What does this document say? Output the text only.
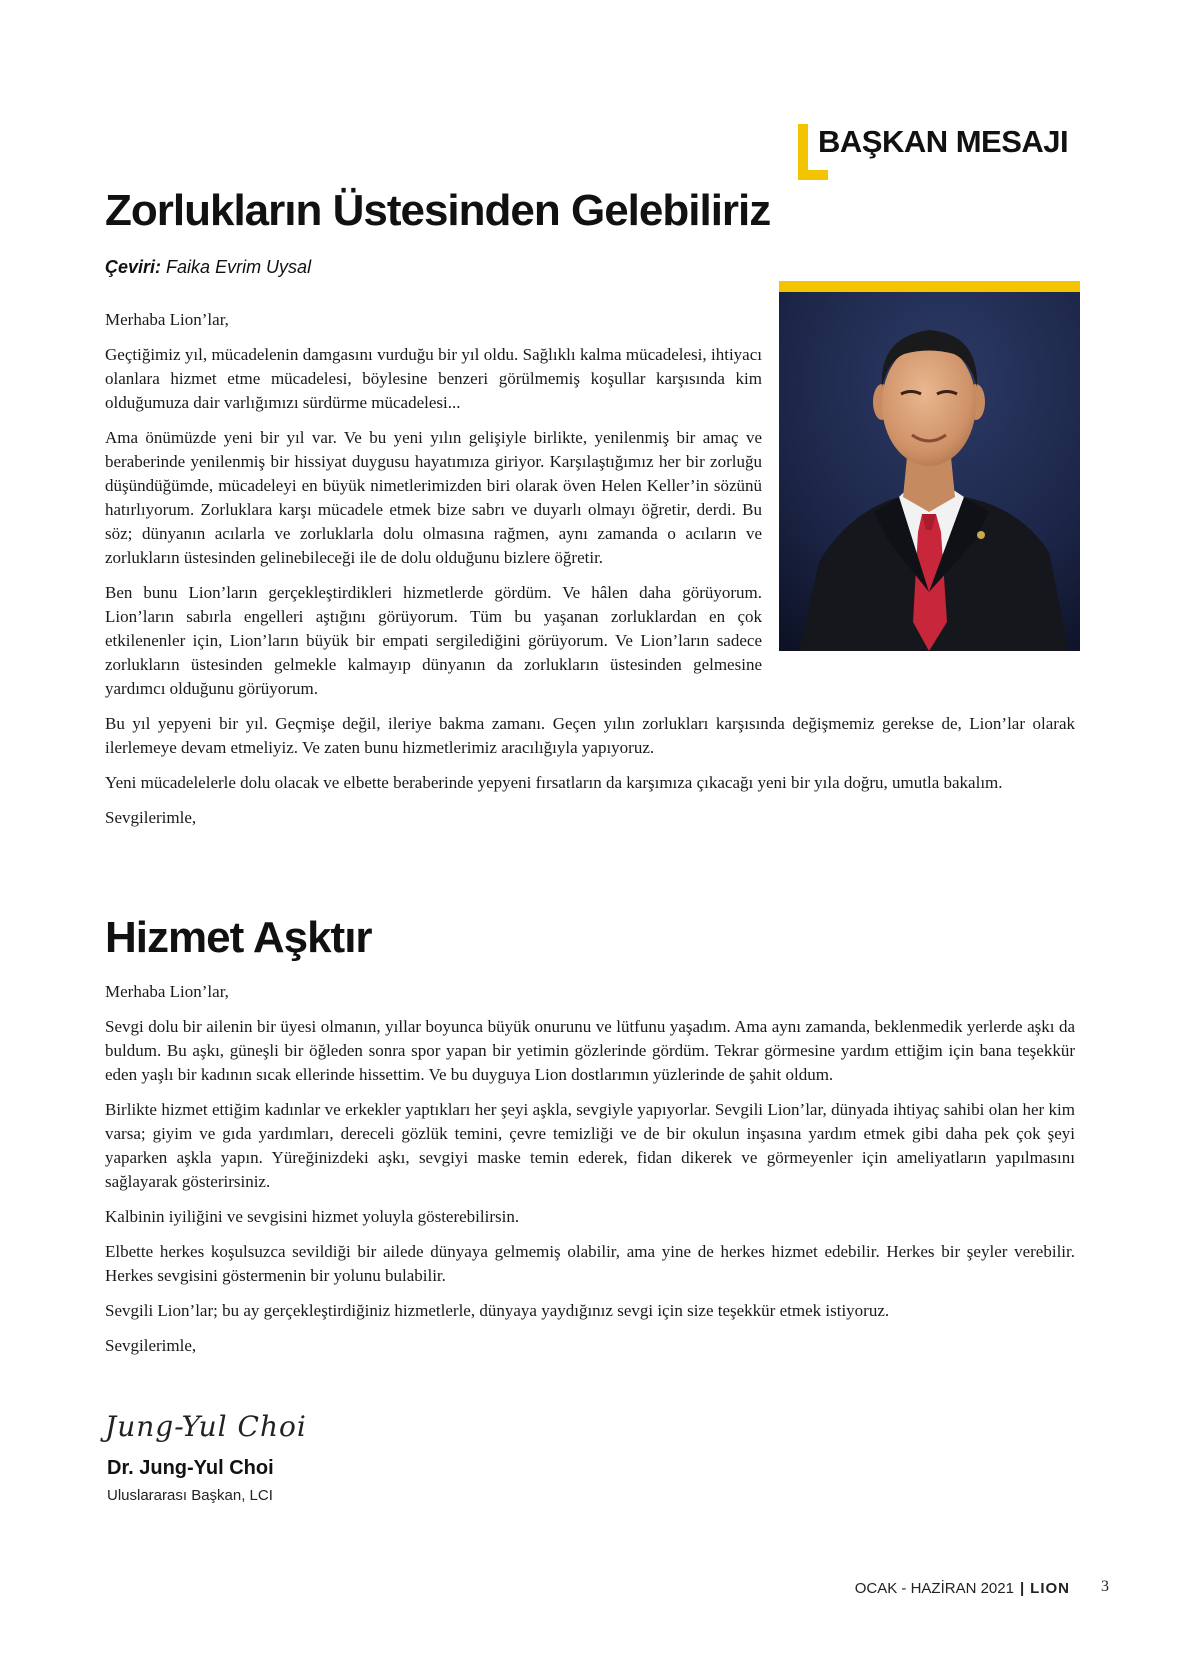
BAŞKAN MESAJI
Zorlukların Üstesinden Gelebiliriz
Çeviri: Faika Evrim Uysal

Merhaba Lion’lar,

Geçtiğimiz yıl, mücadelenin damgasını vurduğu bir yıl oldu. Sağlıklı kalma mücadelesi, ihtiyacı olanlara hizmet etme mücadelesi, böylesine benzeri görülmemiş koşullar karşısında kim olduğumuza dair varlığımızı sürdürme mücadelesi...

Ama önümüzde yeni bir yıl var. Ve bu yeni yılın gelişiyle birlikte, yenilenmiş bir amaç ve beraberinde yenilenmiş bir hissiyat duygusu hayatımıza giriyor. Karşılaştığımız her bir zorluğu düşündüğümde, mücadeleyi en büyük nimetlerimizden biri olarak öven Helen Keller’in sözünü hatırlıyorum. Zorluklara karşı mücadele etmek bize sabrı ve duyarlı olmayı öğretir, derdi. Bu söz; dünyanın acılarla ve zorluklarla dolu olmasına rağmen, aynı zamanda o acıların ve zorlukların üstesinden gelinebileceği ile de dolu olduğunu bizlere öğretir.

Ben bunu Lion’ların gerçekleştirdikleri hizmetlerde gördüm. Ve hâlen daha görüyorum. Lion’ların sabırla engelleri aştığını görüyorum. Tüm bu yaşanan zorluklardan en çok etkilenenler için, Lion’ların büyük bir empati sergilediğini görüyorum. Ve Lion’ların sadece zorlukların üstesinden gelmekle kalmayıp dünyanın da zorlukların üstesinden gelmesine yardımcı olduğunu görüyorum.

Bu yıl yepyeni bir yıl. Geçmişe değil, ileriye bakma zamanı. Geçen yılın zorlukları karşısında değişmemiz gerekse de, Lion’lar olarak ilerlemeye devam etmeliyiz. Ve zaten bunu hizmetlerimiz aracılığıyla yapıyoruz.

Yeni mücadelelerle dolu olacak ve elbette beraberinde yepyeni fırsatların da karşımıza çıkacağı yeni bir yıla doğru, umutla bakalım.

Sevgilerimle,

Hizmet Aşktır

Merhaba Lion’lar,

Sevgi dolu bir ailenin bir üyesi olmanın, yıllar boyunca büyük onurunu ve lütfunu yaşadım. Ama aynı zamanda, beklenmedik yerlerde aşkı da buldum. Bu aşkı, güneşli bir öğleden sonra spor yapan bir yetimin gözlerinde gördüm. Tekrar görmesine yardım ettiğim için bana teşekkür eden yaşlı bir kadının sıcak ellerinde hissettim. Ve bu duyguya Lion dostlarımın yüzlerinde de şahit oldum.

Birlikte hizmet ettiğim kadınlar ve erkekler yaptıkları her şeyi aşkla, sevgiyle yapıyorlar. Sevgili Lion’lar, dünyada ihtiyaç sahibi olan her kim varsa; giyim ve gıda yardımları, dereceli gözlük temini, çevre temizliği ve de bir okulun inşasına yardım etmek gibi daha pek çok şeyi yaparken aşkla yapın. Yüreğinizdeki aşkı, sevgiyi maske temin ederek, fidan dikerek ve görmeyenler için ameliyatların yapılmasını sağlayarak gösterirsiniz.

Kalbinin iyiliğini ve sevgisini hizmet yoluyla gösterebilirsin.

Elbette herkes koşulsuzca sevildiği bir ailede dünyaya gelmemiş olabilir, ama yine de herkes hizmet edebilir. Herkes bir şeyler verebilir. Herkes sevgisini göstermenin bir yolunu bulabilir.

Sevgili Lion’lar; bu ay gerçekleştirdiğiniz hizmetlerle, dünyaya yaydığınız sevgi için size teşekkür etmek istiyoruz.

Sevgilerimle,

Jung-Yul Choi
Dr. Jung-Yul Choi
Uluslararası Başkan, LCI
OCAK - HAZİRAN 2021 | LION 3
